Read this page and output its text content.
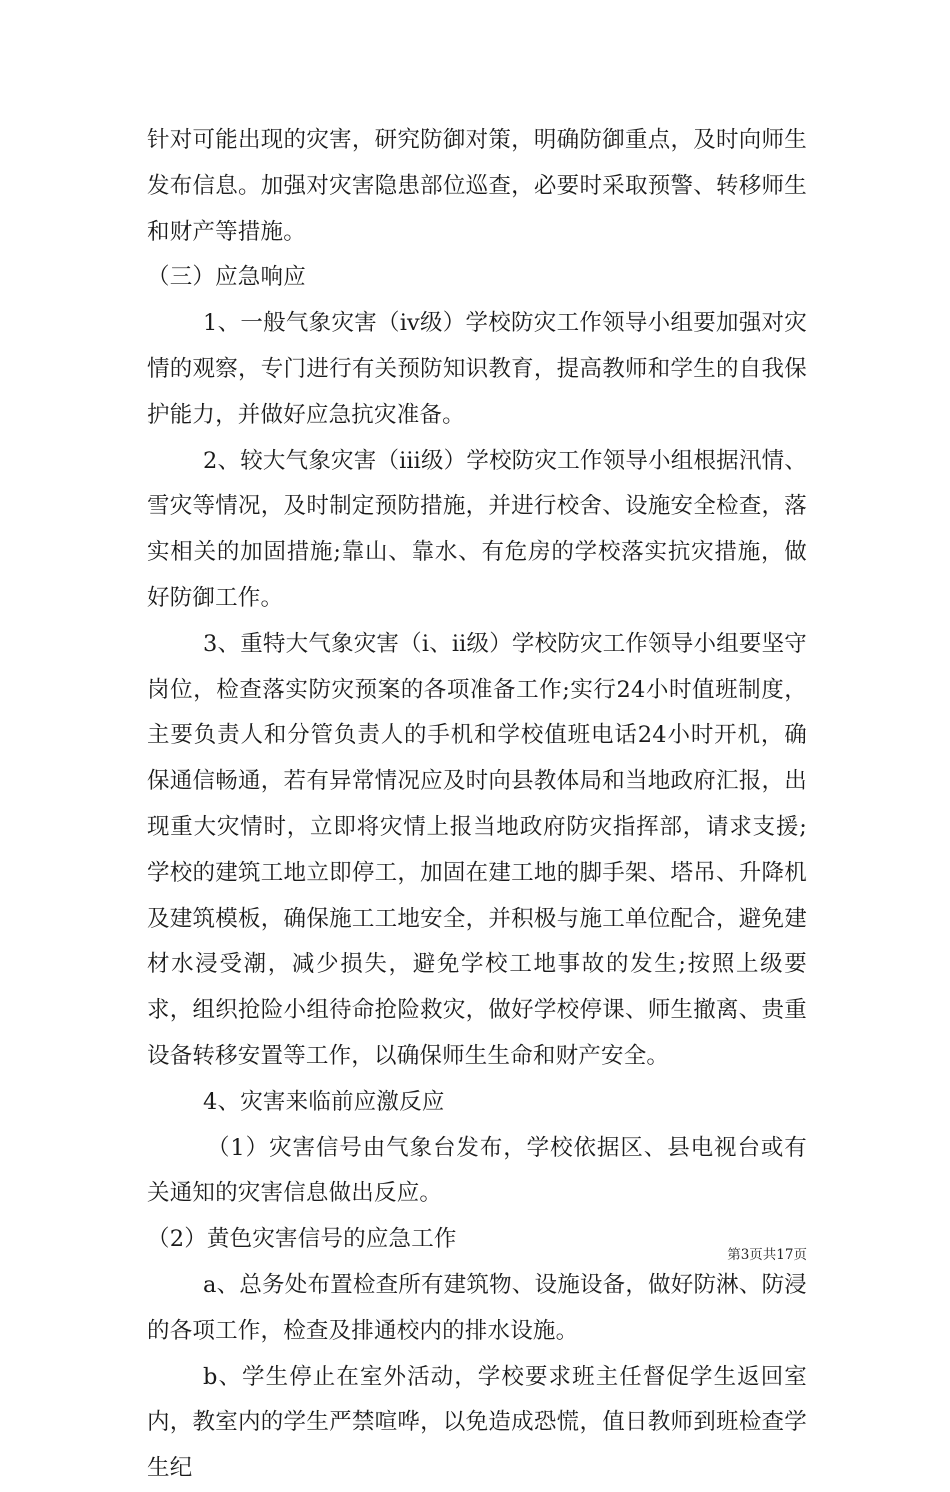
针对可能出现的灾害，研究防御对策，明确防御重点，及时向师生发布信息。加强对灾害隐患部位巡查，必要时采取预警、转移师生和财产等措施。

（三）应急响应

1、一般气象灾害（ⅳ级）学校防灾工作领导小组要加强对灾情的观察，专门进行有关预防知识教育，提高教师和学生的自我保护能力，并做好应急抗灾准备。

2、较大气象灾害（ⅲ级）学校防灾工作领导小组根据汛情、雪灾等情况，及时制定预防措施，并进行校舍、设施安全检查，落实相关的加固措施;靠山、靠水、有危房的学校落实抗灾措施，做好防御工作。

3、重特大气象灾害（ⅰ、ⅱ级）学校防灾工作领导小组要坚守岗位，检查落实防灾预案的各项准备工作;实行24小时值班制度，主要负责人和分管负责人的手机和学校值班电话24小时开机，确保通信畅通，若有异常情况应及时向县教体局和当地政府汇报，出现重大灾情时，立即将灾情上报当地政府防灾指挥部，请求支援;学校的建筑工地立即停工，加固在建工地的脚手架、塔吊、升降机及建筑模板，确保施工工地安全，并积极与施工单位配合，避免建材水浸受潮，减少损失，避免学校工地事故的发生;按照上级要求，组织抢险小组待命抢险救灾，做好学校停课、师生撤离、贵重设备转移安置等工作，以确保师生生命和财产安全。

4、灾害来临前应激反应

（1）灾害信号由气象台发布，学校依据区、县电视台或有关通知的灾害信息做出反应。

（2）黄色灾害信号的应急工作

a、总务处布置检查所有建筑物、设施设备，做好防淋、防浸的各项工作，检查及排通校内的排水设施。

b、学生停止在室外活动，学校要求班主任督促学生返回室内，教室内的学生严禁喧哗，以免造成恐慌，值日教师到班检查学生纪

第3页共17页
